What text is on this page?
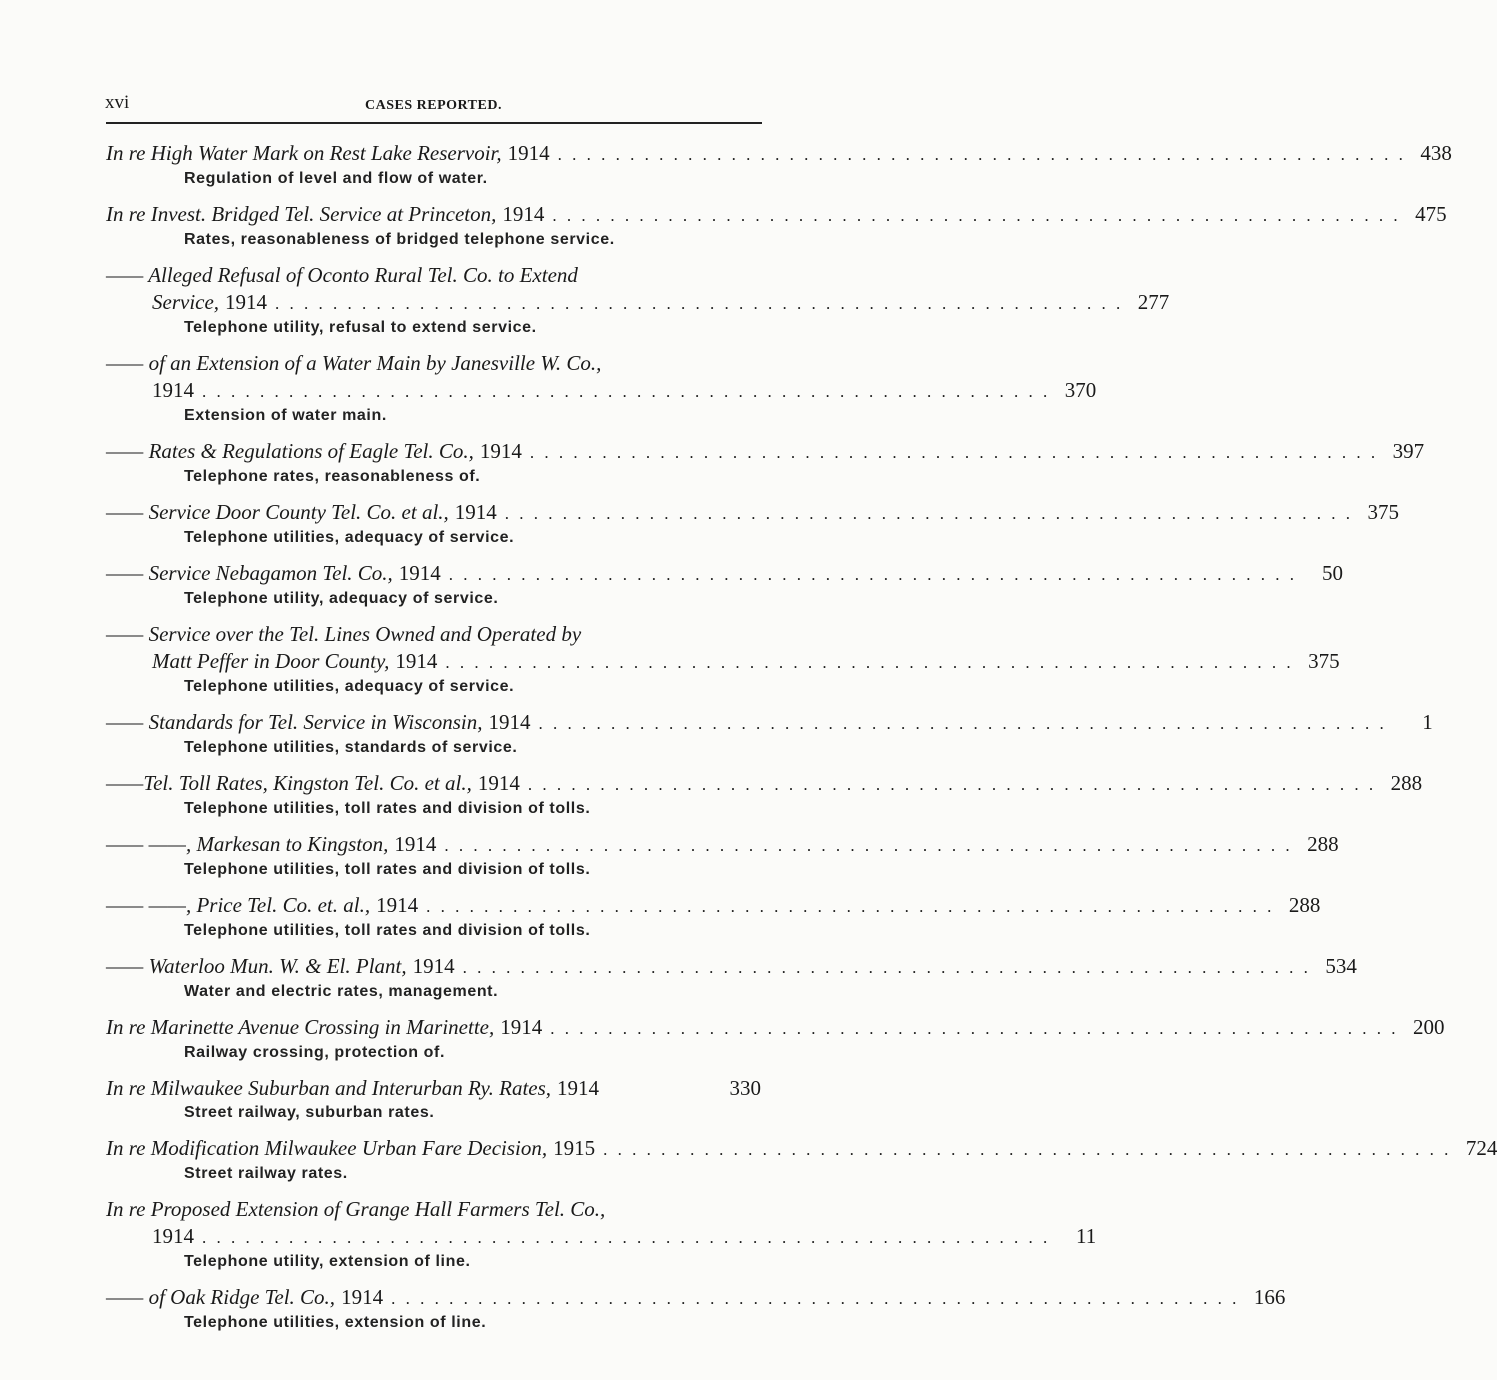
xvi	CASES REPORTED.
In re High Water Mark on Rest Lake Reservoir, 1914 . . . . . . . . . . . . . . . . . . . . . . . . . . . . . . . . . . . . . . . . . . . . . . . . . . . . . . . . . . . 438
Regulation of level and flow of water.
In re Invest. Bridged Tel. Service at Princeton, 1914 . . . . . . . . . . . . . . . . . . . . . . . . . . . . . . . . . . . . . . . . . . . . . . . . . . . . . . . . . . . 475
Rates, reasonableness of bridged telephone service.
—— Alleged Refusal of Oconto Rural Tel. Co. to Extend
Service, 1914 . . . . . . . . . . . . . . . . . . . . . . . . . . . . . . . . . . . . . . . . . . . . . . . . . . . . . . . . . . . 277
Telephone utility, refusal to extend service.
—— of an Extension of a Water Main by Janesville W. Co.,
1914 . . . . . . . . . . . . . . . . . . . . . . . . . . . . . . . . . . . . . . . . . . . . . . . . . . . . . . . . . . . 370
Extension of water main.
—— Rates & Regulations of Eagle Tel. Co., 1914 . . . . . . . . . . . . . . . . . . . . . . . . . . . . . . . . . . . . . . . . . . . . . . . . . . . . . . . . . . . 397
Telephone rates, reasonableness of.
—— Service Door County Tel. Co. et al., 1914 . . . . . . . . . . . . . . . . . . . . . . . . . . . . . . . . . . . . . . . . . . . . . . . . . . . . . . . . . . . 375
Telephone utilities, adequacy of service.
—— Service Nebagamon Tel. Co., 1914 . . . . . . . . . . . . . . . . . . . . . . . . . . . . . . . . . . . . . . . . . . . . . . . . . . . . . . . . . . .	50
Telephone utility, adequacy of service.
—— Service over the Tel. Lines Owned and Operated by
Matt Peffer in Door County, 1914 . . . . . . . . . . . . . . . . . . . . . . . . . . . . . . . . . . . . . . . . . . . . . . . . . . . . . . . . . . . 375
Telephone utilities, adequacy of service.
—— Standards for Tel. Service in Wisconsin, 1914 . . . . . . . . . . . . . . . . . . . . . . . . . . . . . . . . . . . . . . . . . . . . . . . . . . . . . . . . . . .	1
Telephone utilities, standards of service.
——Tel. Toll Rates, Kingston Tel. Co. et al., 1914 . . . . . . . . . . . . . . . . . . . . . . . . . . . . . . . . . . . . . . . . . . . . . . . . . . . . . . . . . . . 288
Telephone utilities, toll rates and division of tolls.
—— ——, Markesan to Kingston, 1914 . . . . . . . . . . . . . . . . . . . . . . . . . . . . . . . . . . . . . . . . . . . . . . . . . . . . . . . . . . . 288
Telephone utilities, toll rates and division of tolls.
—— ——, Price Tel. Co. et. al., 1914 . . . . . . . . . . . . . . . . . . . . . . . . . . . . . . . . . . . . . . . . . . . . . . . . . . . . . . . . . . . 288
Telephone utilities, toll rates and division of tolls.
—— Waterloo Mun. W. & El. Plant, 1914 . . . . . . . . . . . . . . . . . . . . . . . . . . . . . . . . . . . . . . . . . . . . . . . . . . . . . . . . . . . 534
Water and electric rates, management.
In re Marinette Avenue Crossing in Marinette, 1914 . . . . . . . . . . . . . . . . . . . . . . . . . . . . . . . . . . . . . . . . . . . . . . . . . . . . . . . . . . . 200
Railway crossing, protection of.
In re Milwaukee Suburban and Interurban Ry. Rates, 1914	330
Street railway, suburban rates.
In re Modification Milwaukee Urban Fare Decision, 1915 . . . . . . . . . . . . . . . . . . . . . . . . . . . . . . . . . . . . . . . . . . . . . . . . . . . . . . . . . . . 724
Street railway rates.
In re Proposed Extension of Grange Hall Farmers Tel. Co.,
1914 . . . . . . . . . . . . . . . . . . . . . . . . . . . . . . . . . . . . . . . . . . . . . . . . . . . . . . . . . . .	11
Telephone utility, extension of line.
—— of Oak Ridge Tel. Co., 1914 . . . . . . . . . . . . . . . . . . . . . . . . . . . . . . . . . . . . . . . . . . . . . . . . . . . . . . . . . . . 166
Telephone utilities, extension of line.
